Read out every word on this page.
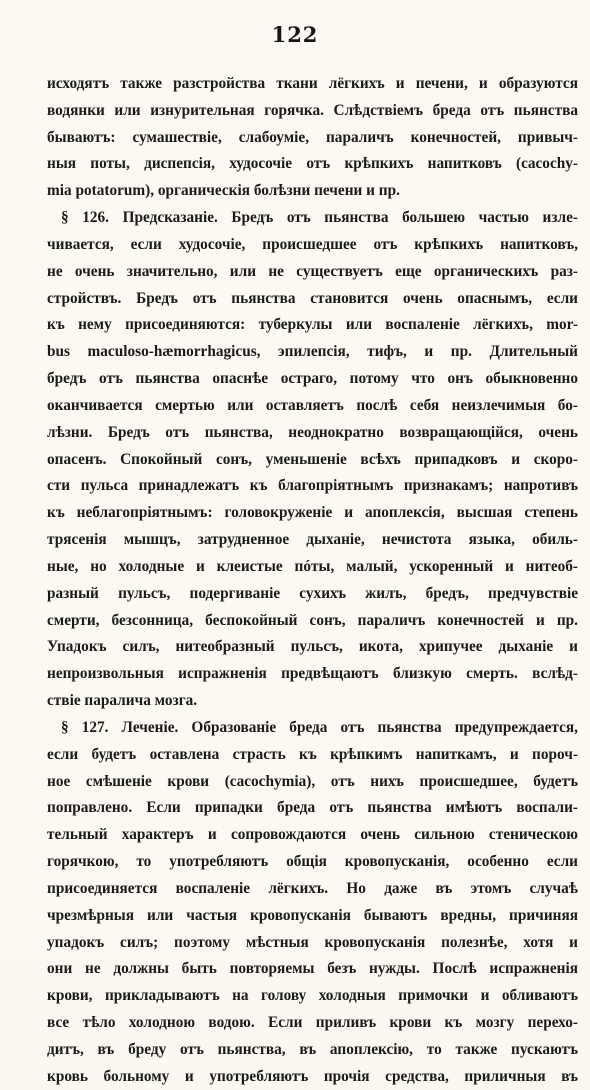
122
исходятъ также разстройства ткани лёгкихъ и печени, и образуются
водянки или изнурительная горячка. Слѣдствіемъ бреда отъ пьянства
бываютъ: сумашествіе, слабоуміе, параличъ конечностей, привыч-
ныя поты, диспепсія, худосочіе отъ крѣпкихъ напитковъ (cacochy-
mia potatorum), органическія болѣзни печени и пр.
§ 126. Предсказаніе. Бредъ отъ пьянства большею частью изле-
чивается, если худосочіе, происшедшее отъ крѣпкихъ напитковъ,
не очень значительно, или не существуетъ еще органическихъ раз-
стройствъ. Бредъ отъ пьянства становится очень опаснымъ, если
къ нему присоединяются: туберкулы или воспаленіе лёгкихъ, mor-
bus maculoso-hæmorrhagicus, эпилепсія, тифъ, и пр. Длительный
бредъ отъ пьянства опаснѣе остраго, потому что онъ обыкновенно
оканчивается смертью или оставляетъ послѣ себя неизлечимыя бо-
лѣзни. Бредъ отъ пьянства, неоднократно возвращающійся, очень
опасенъ. Спокойный сонъ, уменьшеніе всѣхъ припадковъ и скоро-
сти пульса принадлежатъ къ благопріятнымъ признакамъ; напротивъ
къ неблагопріятнымъ: головокруженіе и апоплексія, высшая степень
трясенія мышцъ, затрудненное дыханіе, нечистота языка, обиль-
ные, но холодные и клеистые пóты, малый, ускоренный и нитеоб-
разный пульсъ, подергиваніе сухихъ жилъ, бредъ, предчувствіе
смерти, безсонница, беспокойный сонъ, параличъ конечностей и пр.
Упадокъ силъ, нитеобразный пульсъ, икота, хрипучее дыханіе и
непроизвольныя испражненія предвѣщаютъ близкую смерть. вслѣд-
ствіе паралича мозга.
§ 127. Леченіе. Образованіе бреда отъ пьянства предупреждается,
если будетъ оставлена страсть къ крѣпкимъ напиткамъ, и пороч-
ное смѣшеніе крови (cacochymia), отъ нихъ происшедшее, будетъ
поправлено. Если припадки бреда отъ пьянства имѣютъ воспали-
тельный характеръ и сопровождаются очень сильною стеническою
горячкою, то употребляютъ общія кровопусканія, особенно если
присоединяется воспаленіе лёгкихъ. Но даже въ этомъ случаѣ
чрезмѣрныя или частыя кровопусканія бываютъ вредны, причиняя
упадокъ силъ; поэтому мѣстныя кровопусканія полезнѣе, хотя и
они не должны быть повторяемы безъ нужды. Послѣ испражненія
крови, прикладываютъ на голову холодныя примочки и обливаютъ
все тѣло холодною водою. Если приливъ крови къ мозгу перехо-
дитъ, въ бреду отъ пьянства, въ апоплексію, то также пускаютъ
кровь больному и употребляютъ прочія средства, приличныя въ
